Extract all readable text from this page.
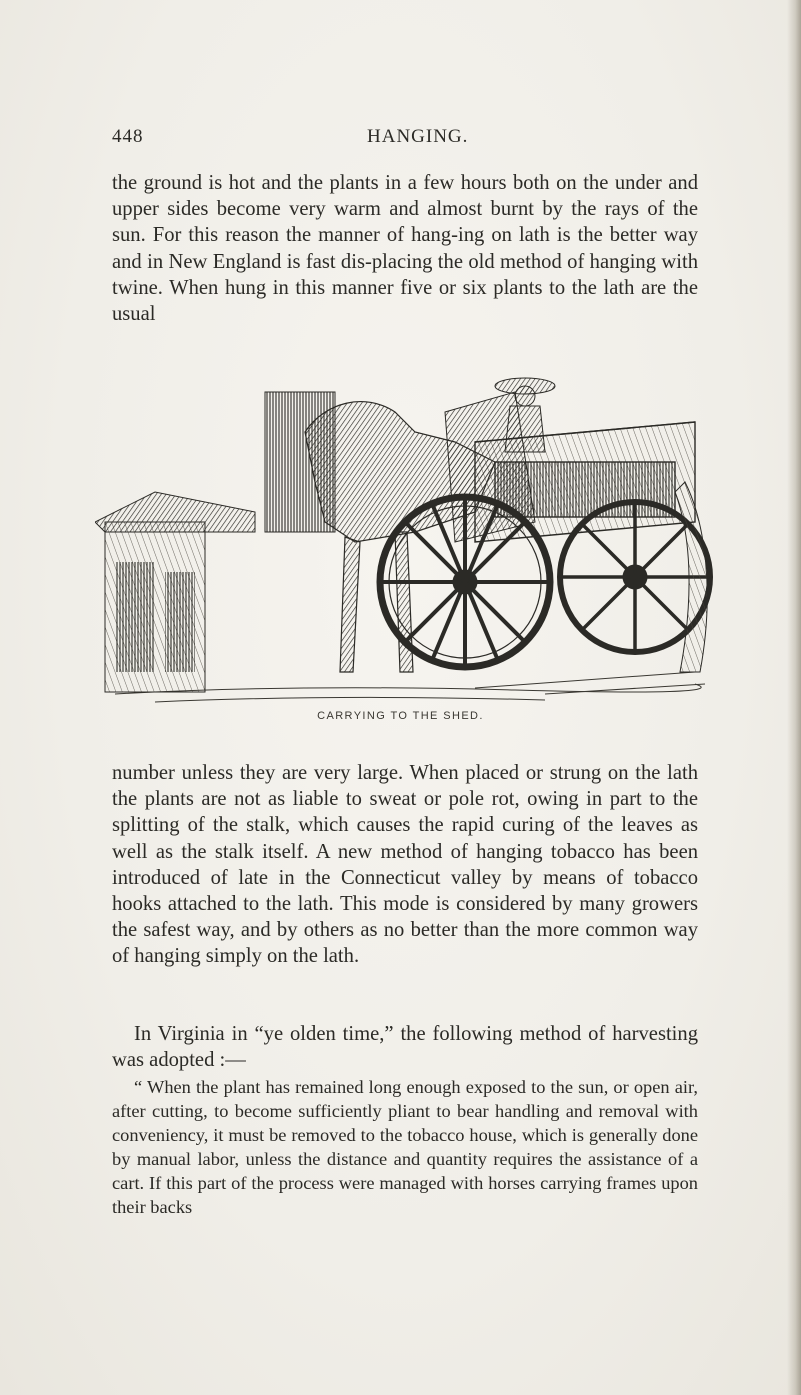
448	HANGING.

the ground is hot and the plants in a few hours both on the under and upper sides become very warm and almost burnt by the rays of the sun. For this reason the manner of hang-ing on lath is the better way and in New England is fast dis-placing the old method of hanging with twine. When hung in this manner five or six plants to the lath are the usual

CARRYING TO THE SHED.

number unless they are very large. When placed or strung on the lath the plants are not as liable to sweat or pole rot, owing in part to the splitting of the stalk, which causes the rapid curing of the leaves as well as the stalk itself. A new method of hanging tobacco has been introduced of late in the Connecticut valley by means of tobacco hooks attached to the lath. This mode is considered by many growers the safest way, and by others as no better than the more common way of hanging simply on the lath.

In Virginia in “ye olden time,” the following method of harvesting was adopted :—

“ When the plant has remained long enough exposed to the sun, or open air, after cutting, to become sufficiently pliant to bear handling and removal with conveniency, it must be removed to the tobacco house, which is generally done by manual labor, unless the distance and quantity requires the assistance of a cart. If this part of the process were managed with horses carrying frames upon their backs
